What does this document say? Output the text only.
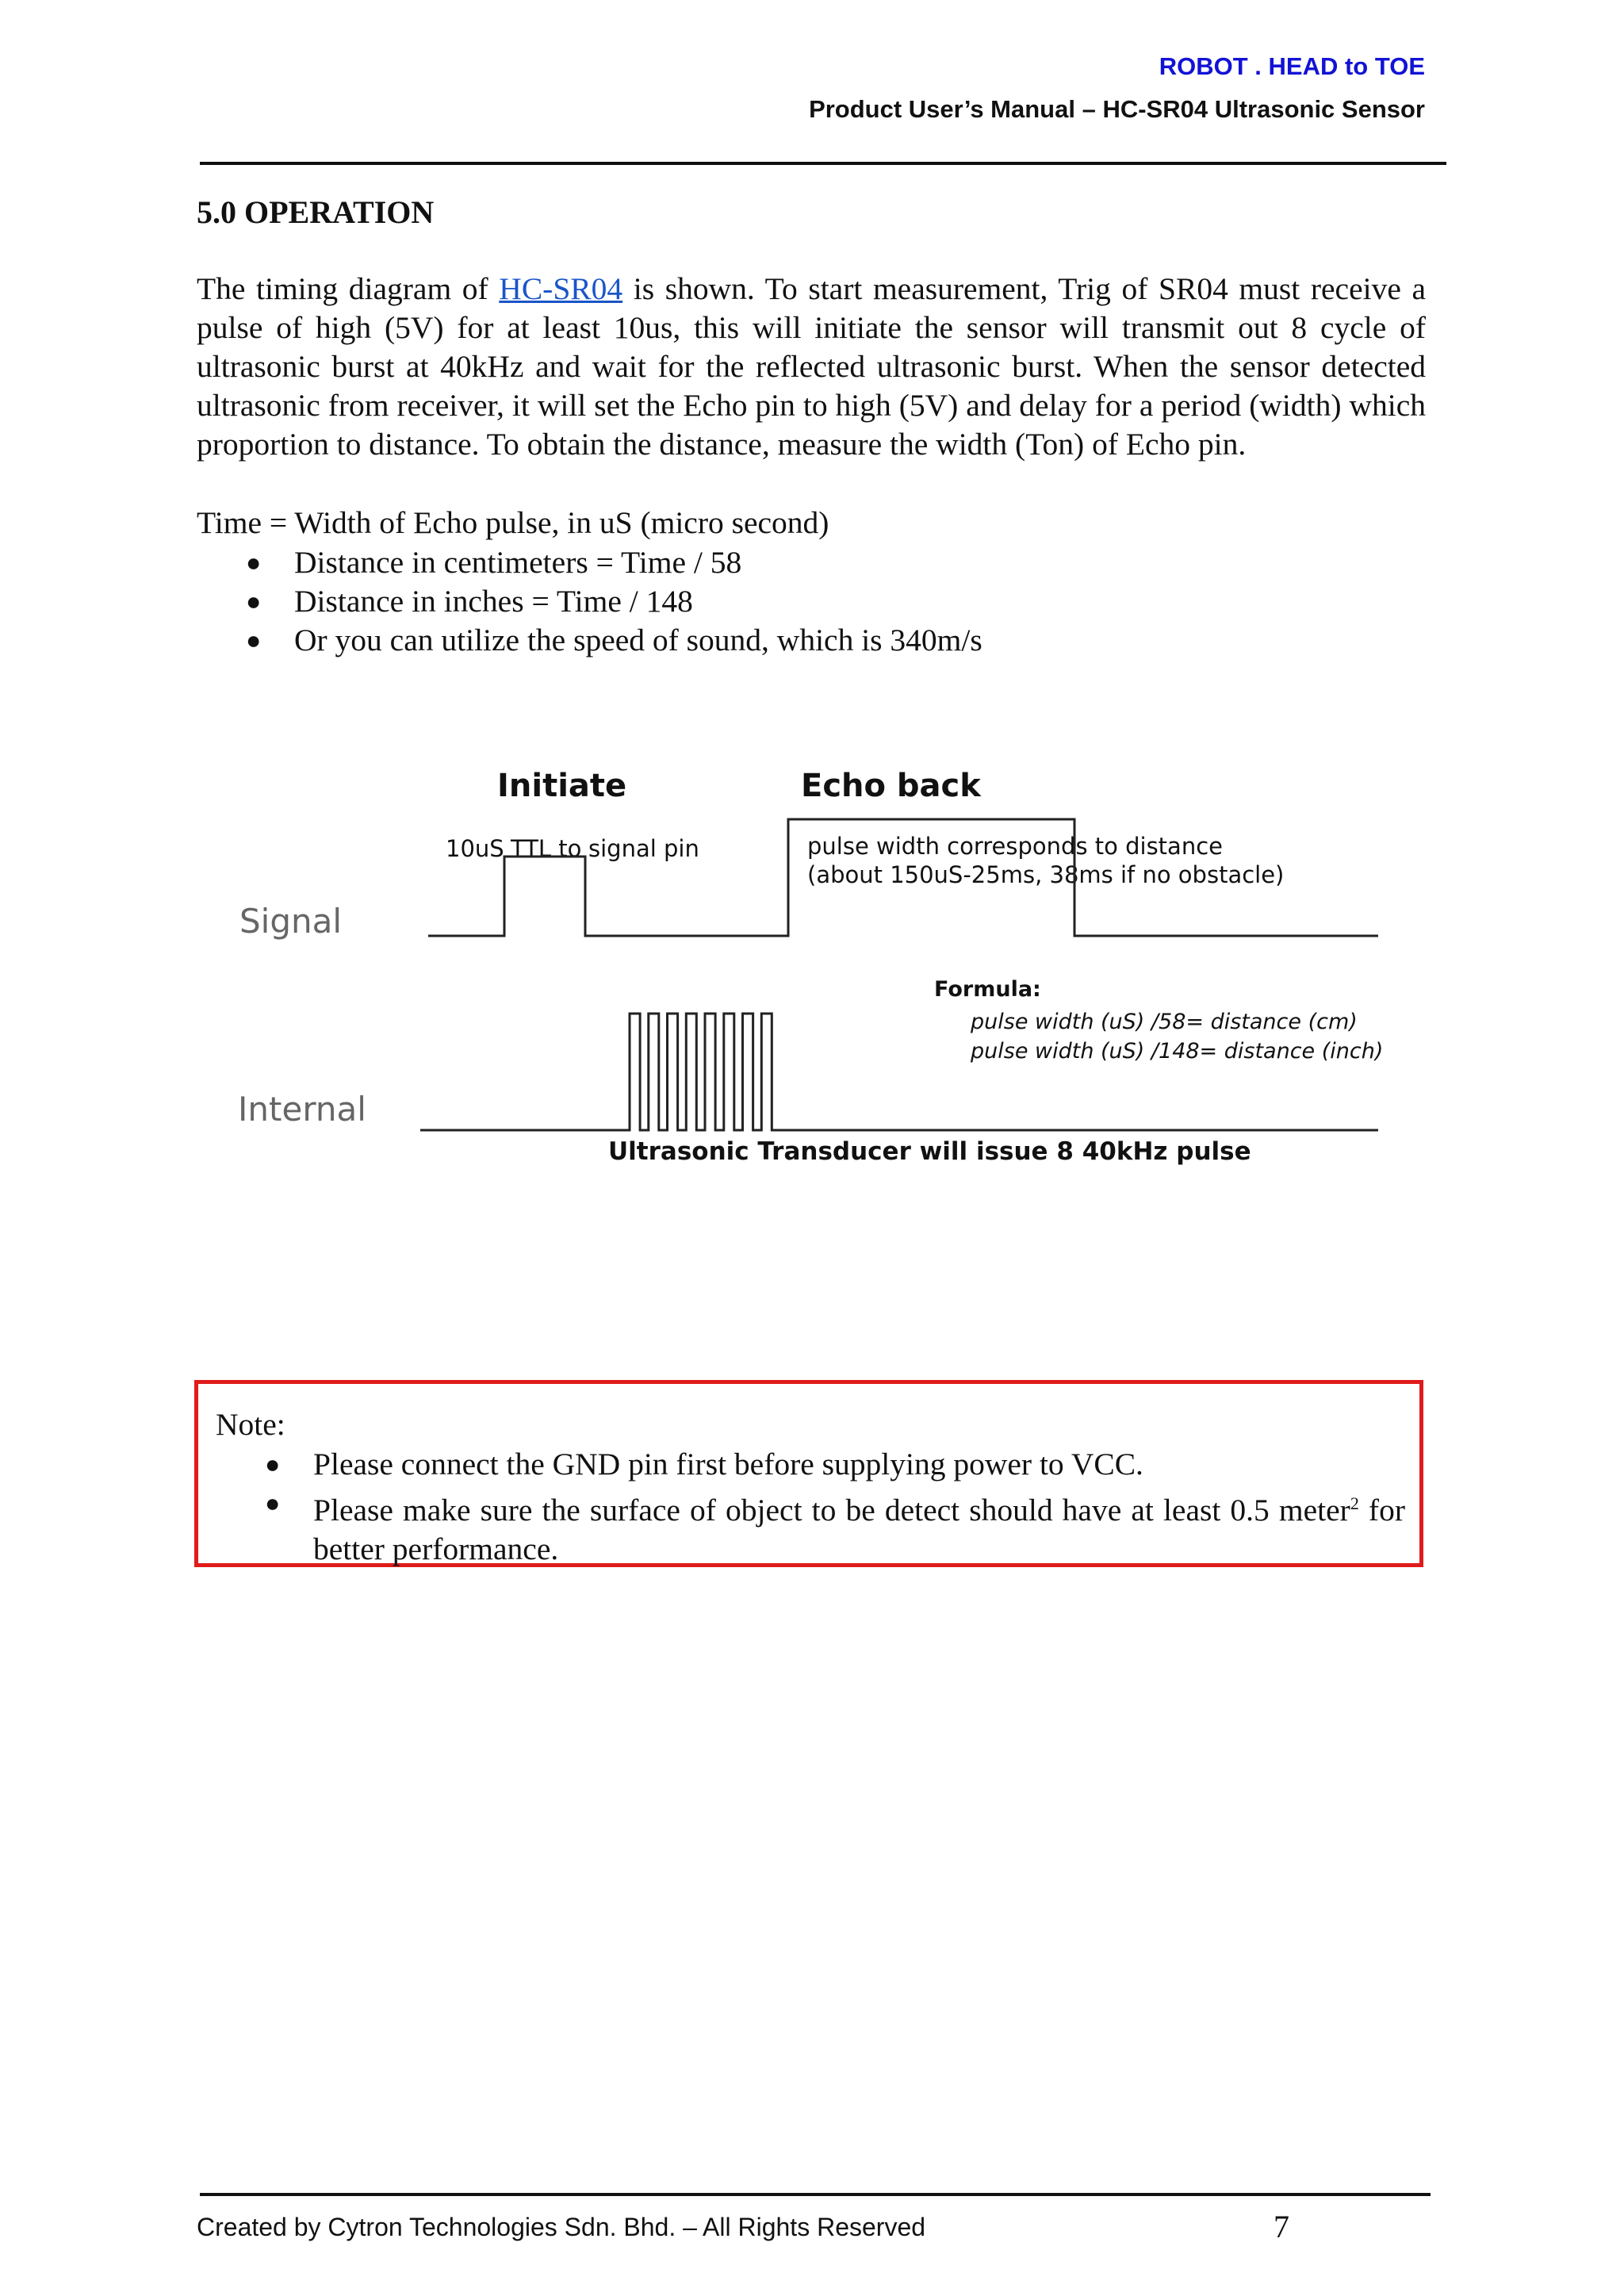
ROBOT . HEAD to TOE
Product User’s Manual – HC-SR04 Ultrasonic Sensor
5.0 OPERATION
The timing diagram of HC-SR04 is shown. To start measurement, Trig of SR04 must receive a pulse of high (5V) for at least 10us, this will initiate the sensor will transmit out 8 cycle of ultrasonic burst at 40kHz and wait for the reflected ultrasonic burst. When the sensor detected ultrasonic from receiver, it will set the Echo pin to high (5V) and delay for a period (width) which proportion to distance. To obtain the distance, measure the width (Ton) of Echo pin.
Time = Width of Echo pulse, in uS (micro second)
● Distance in centimeters = Time / 58
● Distance in inches = Time / 148
● Or you can utilize the speed of sound, which is 340m/s
Initiate	Echo back
10uS TTL to signal pin	pulse width corresponds to distance
(about 150uS-25ms, 38ms if no obstacle)
Signal
Formula:
pulse width (uS) /58= distance (cm)
pulse width (uS) /148= distance (inch)
Internal
Ultrasonic Transducer will issue 8 40kHz pulse
Note:
● Please connect the GND pin first before supplying power to VCC.
● Please make sure the surface of object to be detect should have at least 0.5 meter$^2$ for better performance.
Created by Cytron Technologies Sdn. Bhd. – All Rights Reserved	7
